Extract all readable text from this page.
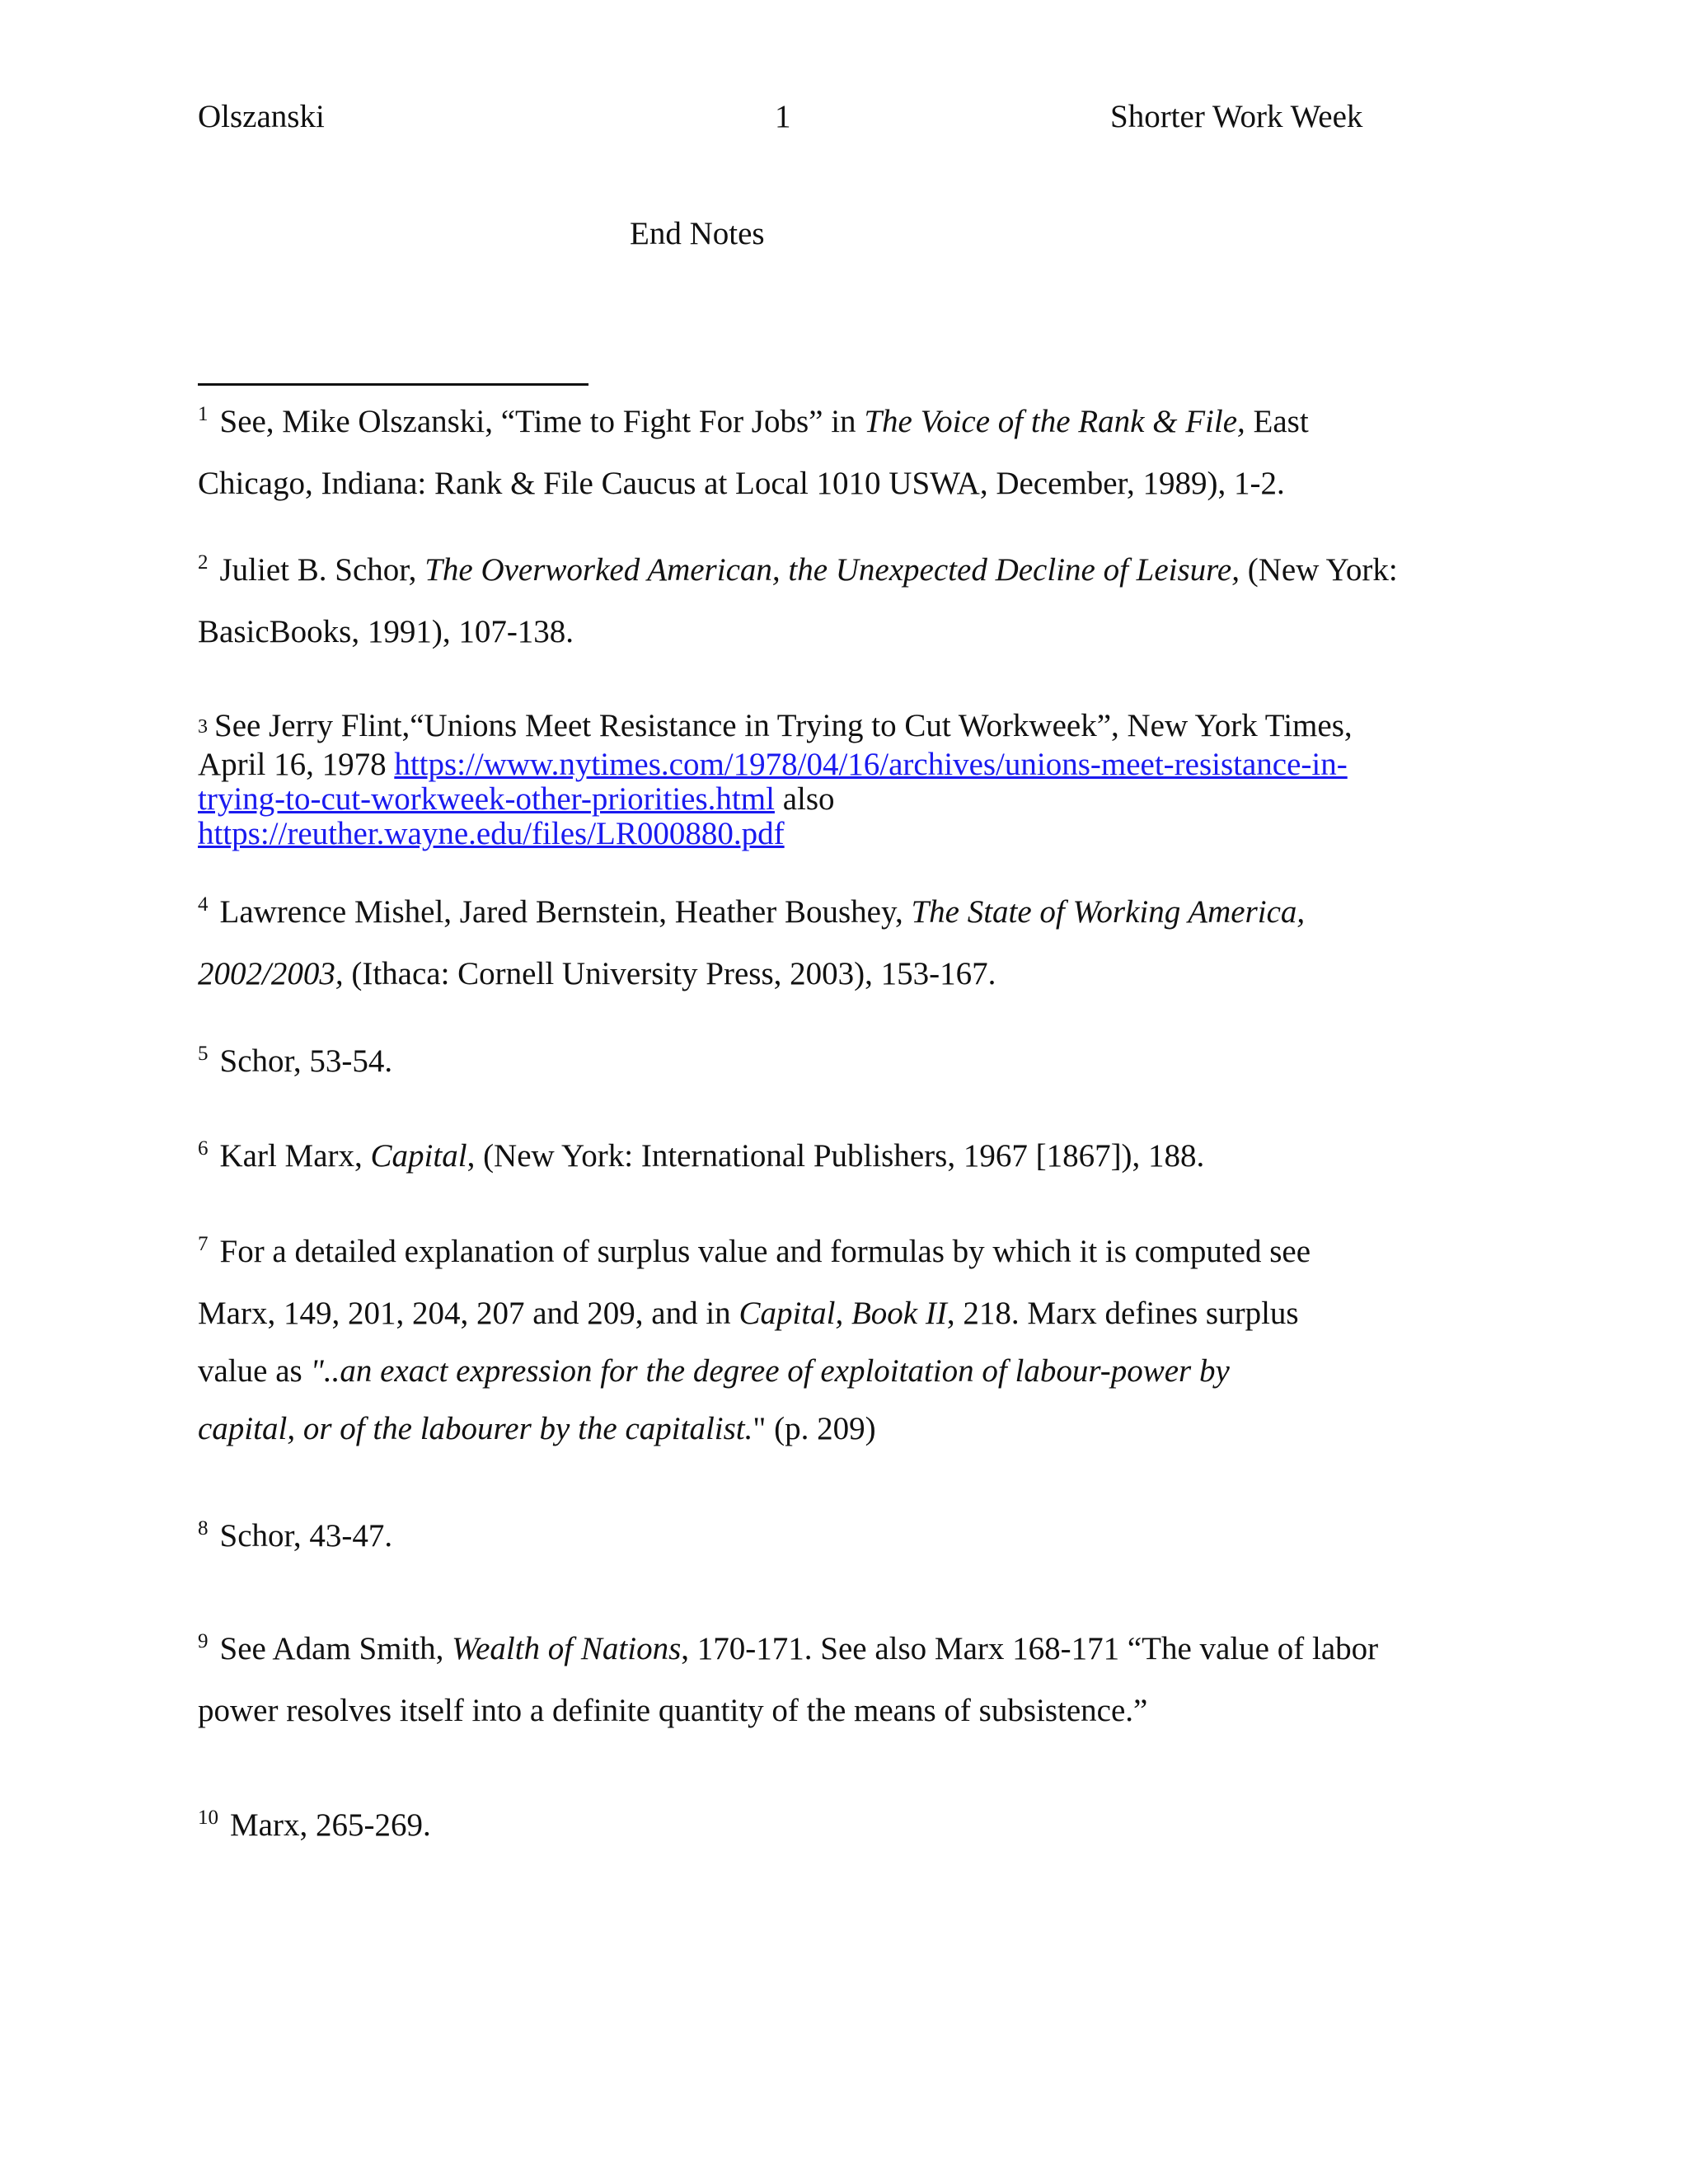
Olszanski	1	Shorter Work Week
End Notes
$^1$ See, Mike Olszanski, “Time to Fight For Jobs” in The Voice of the Rank & File, East
Chicago, Indiana: Rank & File Caucus at Local 1010 USWA, December, 1989), 1-2.
$^2$ Juliet B. Schor, The Overworked American, the Unexpected Decline of Leisure, (New York:
BasicBooks, 1991), 107-138.
$^3$ See Jerry Flint,“Unions Meet Resistance in Trying to Cut Workweek”, New York Times,
April 16, 1978 https://www.nytimes.com/1978/04/16/archives/unions-meet-resistance-in-
trying-to-cut-workweek-other-priorities.html also
https://reuther.wayne.edu/files/LR000880.pdf
$^4$ Lawrence Mishel, Jared Bernstein, Heather Boushey, The State of Working America,
2002/2003, (Ithaca: Cornell University Press, 2003), 153-167.
$^5$ Schor, 53-54.
$^6$ Karl Marx, Capital, (New York: International Publishers, 1967 [1867]), 188.
$^7$ For a detailed explanation of surplus value and formulas by which it is computed see
Marx, 149, 201, 204, 207 and 209, and in Capital, Book II, 218. Marx defines surplus
value as "..an exact expression for the degree of exploitation of labour-power by
capital, or of the labourer by the capitalist." (p. 209)
$^8$ Schor, 43-47.
$^9$ See Adam Smith, Wealth of Nations, 170-171. See also Marx 168-171 “The value of labor
power resolves itself into a definite quantity of the means of subsistence.”
$^{10}$ Marx, 265-269.
